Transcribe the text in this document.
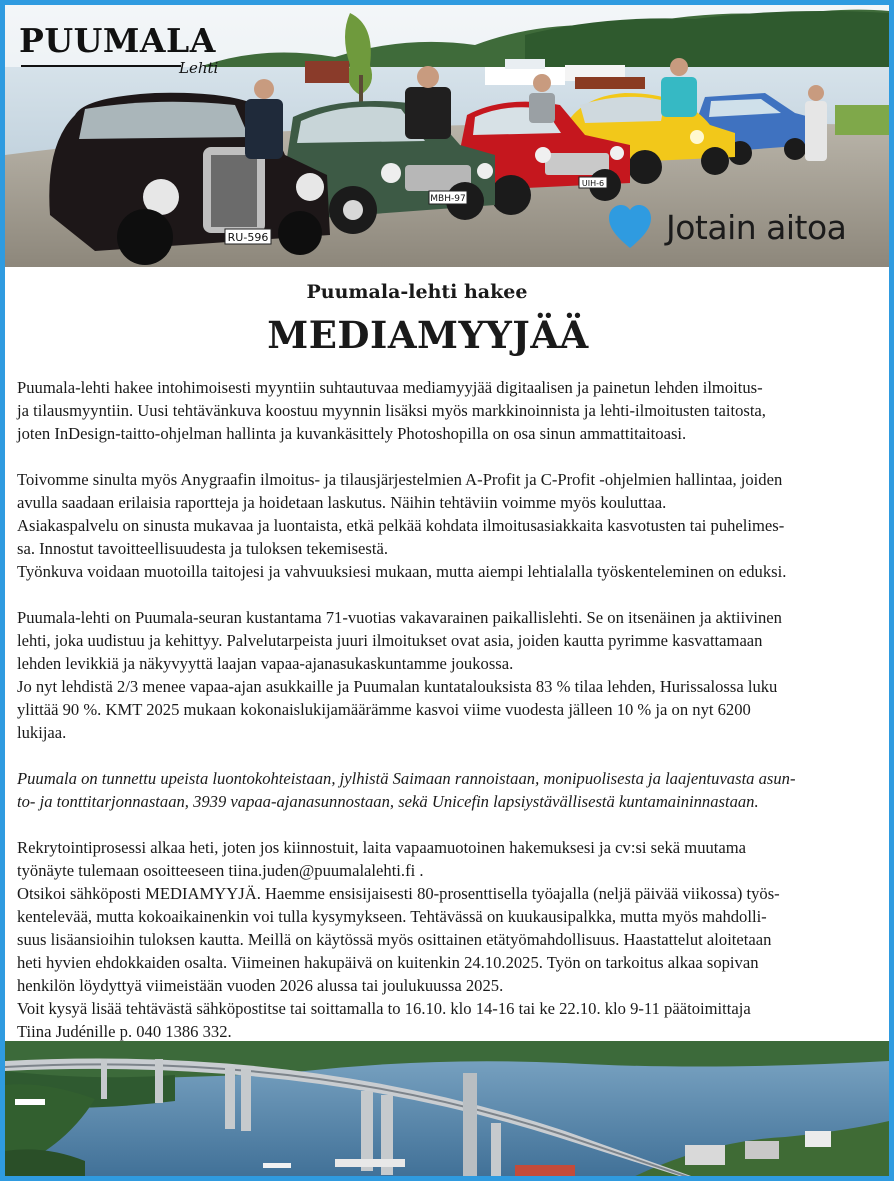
UIH-6
MBH-97
RU-596
PUUMALA
Lehti
Jotain aitoa
Puumala-lehti hakee
MEDIAMYYJÄÄ

Puumala-lehti hakee intohimoisesti myyntiin suhtautuvaa mediamyyjää digitaalisen ja painetun lehden ilmoitus-

ja tilausmyyntiin. Uusi tehtävänkuva koostuu myynnin lisäksi myös markkinoinnista ja lehti-ilmoitusten taitosta,

joten InDesign-taitto-ohjelman hallinta ja kuvankäsittely Photoshopilla on osa sinun ammattitaitoasi.

Toivomme sinulta myös Anygraafin ilmoitus- ja tilausjärjestelmien A-Profit ja C-Profit -ohjelmien hallintaa, joiden

avulla saadaan erilaisia raportteja ja hoidetaan laskutus. Näihin tehtäviin voimme myös kouluttaa.

Asiakaspalvelu on sinusta mukavaa ja luontaista, etkä pelkää kohdata ilmoitusasiakkaita kasvotusten tai puhelimes-

sa. Innostut tavoitteellisuudesta ja tuloksen tekemisestä.

Työnkuva voidaan muotoilla taitojesi ja vahvuuksiesi mukaan, mutta aiempi lehtialalla työskenteleminen on eduksi.

Puumala-lehti on Puumala-seuran kustantama 71-vuotias vakavarainen paikallislehti. Se on itsenäinen ja aktiivinen

lehti, joka uudistuu ja kehittyy. Palvelutarpeista juuri ilmoitukset ovat asia, joiden kautta pyrimme kasvattamaan

lehden levikkiä ja näkyvyyttä laajan vapaa-ajanasukaskuntamme joukossa.

Jo nyt lehdistä 2/3 menee vapaa-ajan asukkaille ja Puumalan kuntatalouksista 83 % tilaa lehden, Hurissalossa luku

ylittää 90 %. KMT 2025 mukaan kokonaislukijamäärämme kasvoi viime vuodesta jälleen 10 % ja on nyt 6200

lukijaa.

Puumala on tunnettu upeista luontokohteistaan, jylhistä Saimaan rannoistaan, monipuolisesta ja laajentuvasta asun-

to- ja tonttitarjonnastaan, 3939 vapaa-ajanasunnostaan, sekä Unicefin lapsiystävällisestä kuntamaininnastaan.

Rekrytointiprosessi alkaa heti, joten jos kiinnostuit, laita vapaamuotoinen hakemuksesi ja cv:si sekä muutama

työnäyte tulemaan osoitteeseen tiina.juden@puumalalehti.fi .

Otsikoi sähköposti MEDIAMYYJÄ. Haemme ensisijaisesti 80-prosenttisella työajalla (neljä päivää viikossa) työs-

kentelevää, mutta kokoaikainenkin voi tulla kysymykseen. Tehtävässä on kuukausipalkka, mutta myös mahdolli-

suus lisäansioihin tuloksen kautta. Meillä on käytössä myös osittainen etätyömahdollisuus. Haastattelut aloitetaan

heti hyvien ehdokkaiden osalta. Viimeinen hakupäivä on kuitenkin 24.10.2025. Työn on tarkoitus alkaa sopivan

henkilön löydyttyä viimeistään vuoden 2026 alussa tai joulukuussa 2025.

Voit kysyä lisää tehtävästä sähköpostitse tai soittamalla to 16.10. klo 14-16 tai ke 22.10. klo 9-11 päätoimittaja

Tiina Judénille p. 040 1386 332.
